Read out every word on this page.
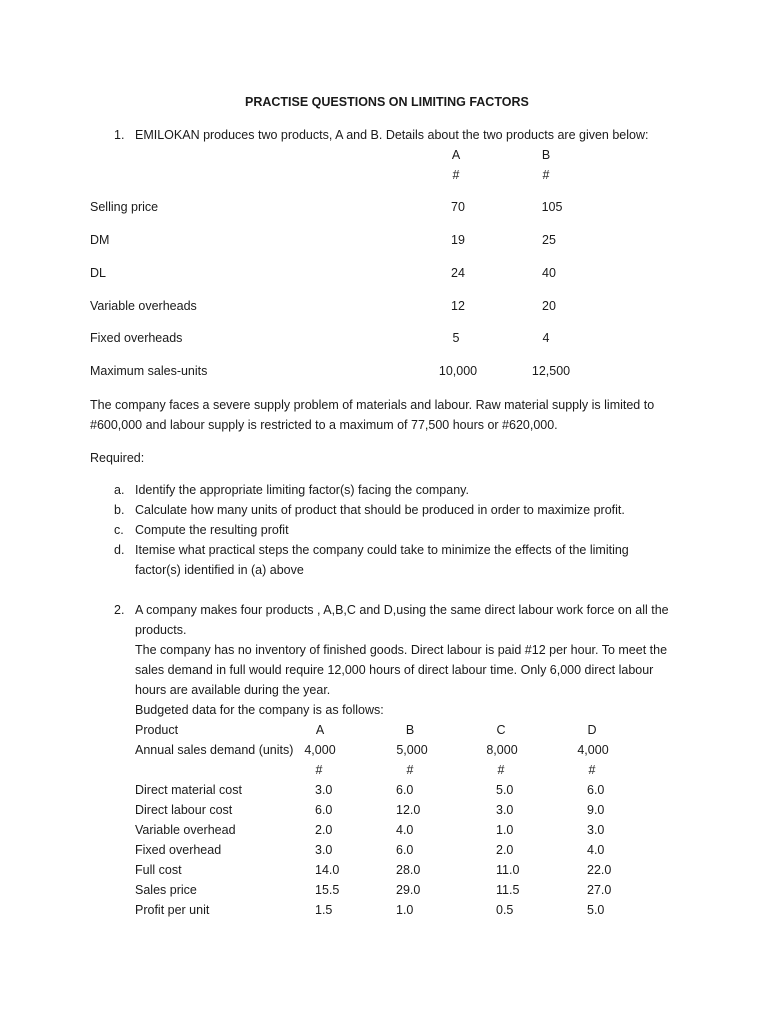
PRACTISE QUESTIONS ON LIMITING FACTORS
1. EMILOKAN produces two products, A and B. Details about the two products are given below:
A	B
#	#
Selling price	70	105
DM	19	25
DL	24	40
Variable overheads	12	20
Fixed overheads	5	4
Maximum sales-units	10,000	12,500
The company faces a severe supply problem of materials and labour. Raw material supply is limited to
#600,000 and labour supply is restricted to a maximum of 77,500 hours or #620,000.
Required:
a. Identify the appropriate limiting factor(s) facing the company.
b. Calculate how many units of product that should be produced in order to maximize profit.
c. Compute the resulting profit
d. Itemise what practical steps the company could take to minimize the effects of the limiting
factor(s) identified in (a) above
2. A company makes four products , A,B,C and D,using the same direct labour work force on all the
products.
The company has no inventory of finished goods. Direct labour is paid #12 per hour. To meet the
sales demand in full would require 12,000 hours of direct labour time. Only 6,000 direct labour
hours are available during the year.
Budgeted data for the company is as follows:
Product	A	B	C	D
Annual sales demand (units) 4,000	5,000	8,000	4,000
#	#	#	#
Direct material cost	3.0	6.0	5.0	6.0
Direct labour cost	6.0	12.0	3.0	9.0
Variable overhead	2.0	4.0	1.0	3.0
Fixed overhead	3.0	6.0	2.0	4.0
Full cost	14.0	28.0	11.0	22.0
Sales price	15.5	29.0	11.5	27.0
Profit per unit	1.5	1.0	0.5	5.0
